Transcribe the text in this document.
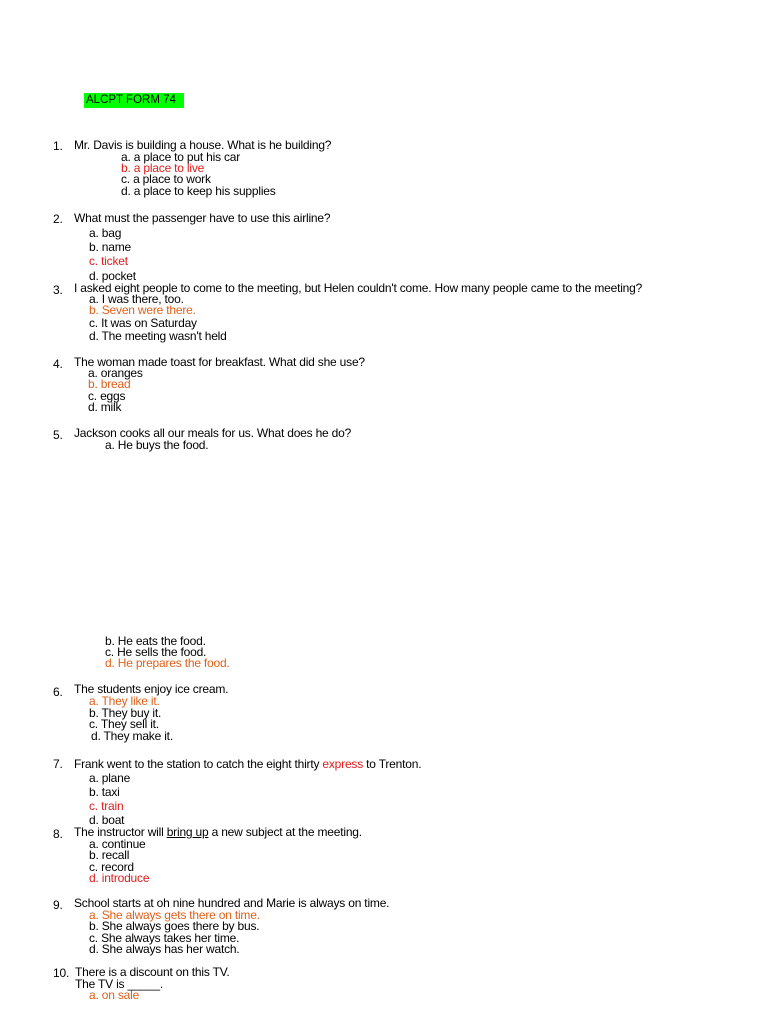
ALCPT FORM 74
1. Mr. Davis is building a house. What is he building?
a. a place to put his car
b. a place to live
c. a place to work
d. a place to keep his supplies
2. What must the passenger have to use this airline?
a. bag
b. name
c. ticket
d. pocket
3. I asked eight people to come to the meeting, but Helen couldn't come. How many people came to the meeting?
a. I was there, too.
b. Seven were there.
c. It was on Saturday
d. The meeting wasn't held
4. The woman made toast for breakfast. What did she use?
a. oranges
b. bread
c. eggs
d. milk
5. Jackson cooks all our meals for us. What does he do?
a. He buys the food.
b. He eats the food.
c. He sells the food.
d. He prepares the food.
6. The students enjoy ice cream.
a. They like it.
b. They buy it.
c. They sell it.
d. They make it.
7. Frank went to the station to catch the eight thirty express to Trenton.
a. plane
b. taxi
c. train
d. boat
8. The instructor will bring up a new subject at the meeting.
a. continue
b. recall
c. record
d. introduce
9. School starts at oh nine hundred and Marie is always on time.
a. She always gets there on time.
b. She always goes there by bus.
c. She always takes her time.
d. She always has her watch.
10. There is a discount on this TV.
The TV is _____.
a. on sale
